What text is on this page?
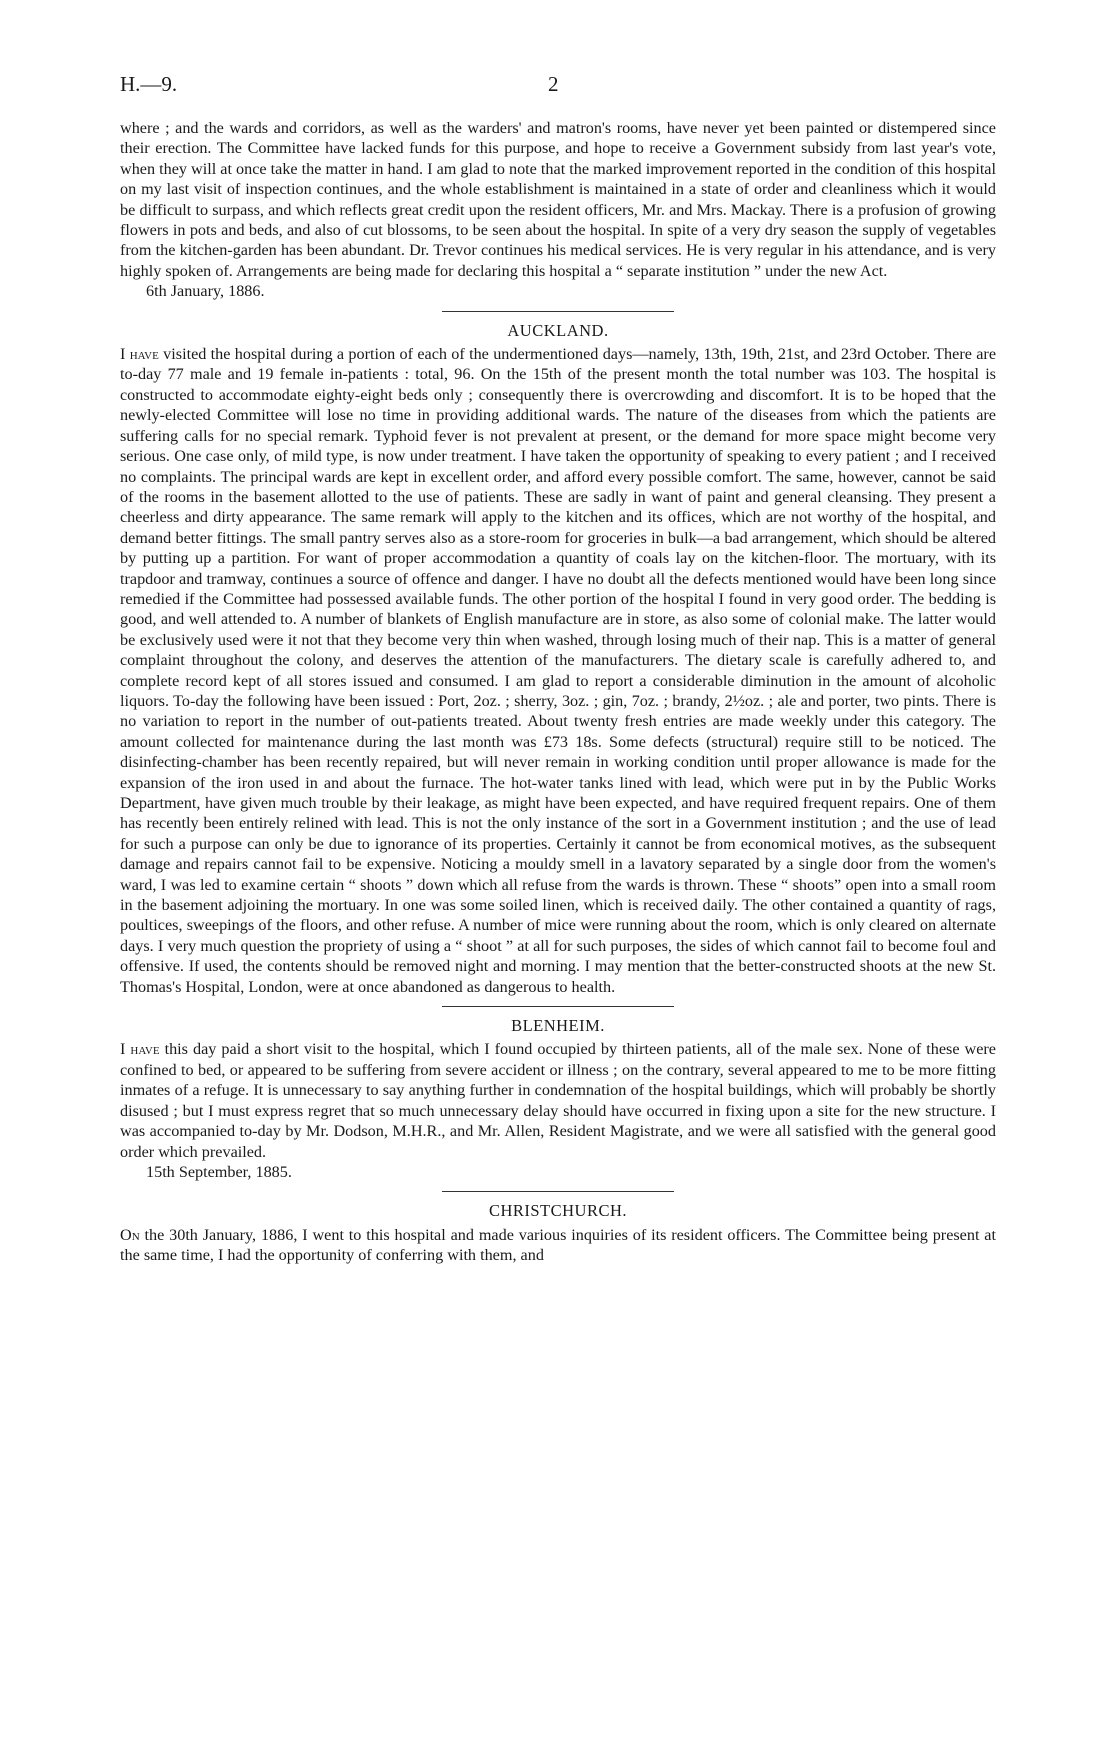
H.—9.	2

where ; and the wards and corridors, as well as the warders' and matron's rooms, have never yet been painted or distempered since their erection. The Committee have lacked funds for this purpose, and hope to receive a Government subsidy from last year's vote, when they will at once take the matter in hand. I am glad to note that the marked improvement reported in the condition of this hospital on my last visit of inspection continues, and the whole establishment is maintained in a state of order and cleanliness which it would be difficult to surpass, and which reflects great credit upon the resident officers, Mr. and Mrs. Mackay. There is a profusion of growing flowers in pots and beds, and also of cut blossoms, to be seen about the hospital. In spite of a very dry season the supply of vegetables from the kitchen-garden has been abundant. Dr. Trevor continues his medical services. He is very regular in his attendance, and is very highly spoken of. Arrangements are being made for declaring this hospital a “ separate institution ” under the new Act.

6th January, 1886.

AUCKLAND.

I have visited the hospital during a portion of each of the undermentioned days—namely, 13th, 19th, 21st, and 23rd October. There are to-day 77 male and 19 female in-patients : total, 96. On the 15th of the present month the total number was 103. The hospital is constructed to accommodate eighty-eight beds only ; consequently there is overcrowding and discomfort. It is to be hoped that the newly-elected Committee will lose no time in providing additional wards. The nature of the diseases from which the patients are suffering calls for no special remark. Typhoid fever is not prevalent at present, or the demand for more space might become very serious. One case only, of mild type, is now under treatment. I have taken the opportunity of speaking to every patient ; and I received no complaints. The principal wards are kept in excellent order, and afford every possible comfort. The same, however, cannot be said of the rooms in the basement allotted to the use of patients. These are sadly in want of paint and general cleansing. They present a cheerless and dirty appearance. The same remark will apply to the kitchen and its offices, which are not worthy of the hospital, and demand better fittings. The small pantry serves also as a store-room for groceries in bulk—a bad arrangement, which should be altered by putting up a partition. For want of proper accommodation a quantity of coals lay on the kitchen-floor. The mortuary, with its trapdoor and tramway, continues a source of offence and danger. I have no doubt all the defects mentioned would have been long since remedied if the Committee had possessed available funds. The other portion of the hospital I found in very good order. The bedding is good, and well attended to. A number of blankets of English manufacture are in store, as also some of colonial make. The latter would be exclusively used were it not that they become very thin when washed, through losing much of their nap. This is a matter of general complaint throughout the colony, and deserves the attention of the manufacturers. The dietary scale is carefully adhered to, and complete record kept of all stores issued and consumed. I am glad to report a considerable diminution in the amount of alcoholic liquors. To-day the following have been issued : Port, 2oz. ; sherry, 3oz. ; gin, 7oz. ; brandy, 2½oz. ; ale and porter, two pints. There is no variation to report in the number of out-patients treated. About twenty fresh entries are made weekly under this category. The amount collected for maintenance during the last month was £73 18s. Some defects (structural) require still to be noticed. The disinfecting-chamber has been recently repaired, but will never remain in working condition until proper allowance is made for the expansion of the iron used in and about the furnace. The hot-water tanks lined with lead, which were put in by the Public Works Department, have given much trouble by their leakage, as might have been expected, and have required frequent repairs. One of them has recently been entirely relined with lead. This is not the only instance of the sort in a Government institution ; and the use of lead for such a purpose can only be due to ignorance of its properties. Certainly it cannot be from economical motives, as the subsequent damage and repairs cannot fail to be expensive. Noticing a mouldy smell in a lavatory separated by a single door from the women's ward, I was led to examine certain “ shoots ” down which all refuse from the wards is thrown. These “ shoots” open into a small room in the basement adjoining the mortuary. In one was some soiled linen, which is received daily. The other contained a quantity of rags, poultices, sweepings of the floors, and other refuse. A number of mice were running about the room, which is only cleared on alternate days. I very much question the propriety of using a “ shoot ” at all for such purposes, the sides of which cannot fail to become foul and offensive. If used, the contents should be removed night and morning. I may mention that the better-constructed shoots at the new St. Thomas's Hospital, London, were at once abandoned as dangerous to health.

BLENHEIM.

I have this day paid a short visit to the hospital, which I found occupied by thirteen patients, all of the male sex. None of these were confined to bed, or appeared to be suffering from severe accident or illness ; on the contrary, several appeared to me to be more fitting inmates of a refuge. It is unnecessary to say anything further in condemnation of the hospital buildings, which will probably be shortly disused ; but I must express regret that so much unnecessary delay should have occurred in fixing upon a site for the new structure. I was accompanied to-day by Mr. Dodson, M.H.R., and Mr. Allen, Resident Magistrate, and we were all satisfied with the general good order which prevailed.

15th September, 1885.

CHRISTCHURCH.

On the 30th January, 1886, I went to this hospital and made various inquiries of its resident officers. The Committee being present at the same time, I had the opportunity of conferring with them, and
